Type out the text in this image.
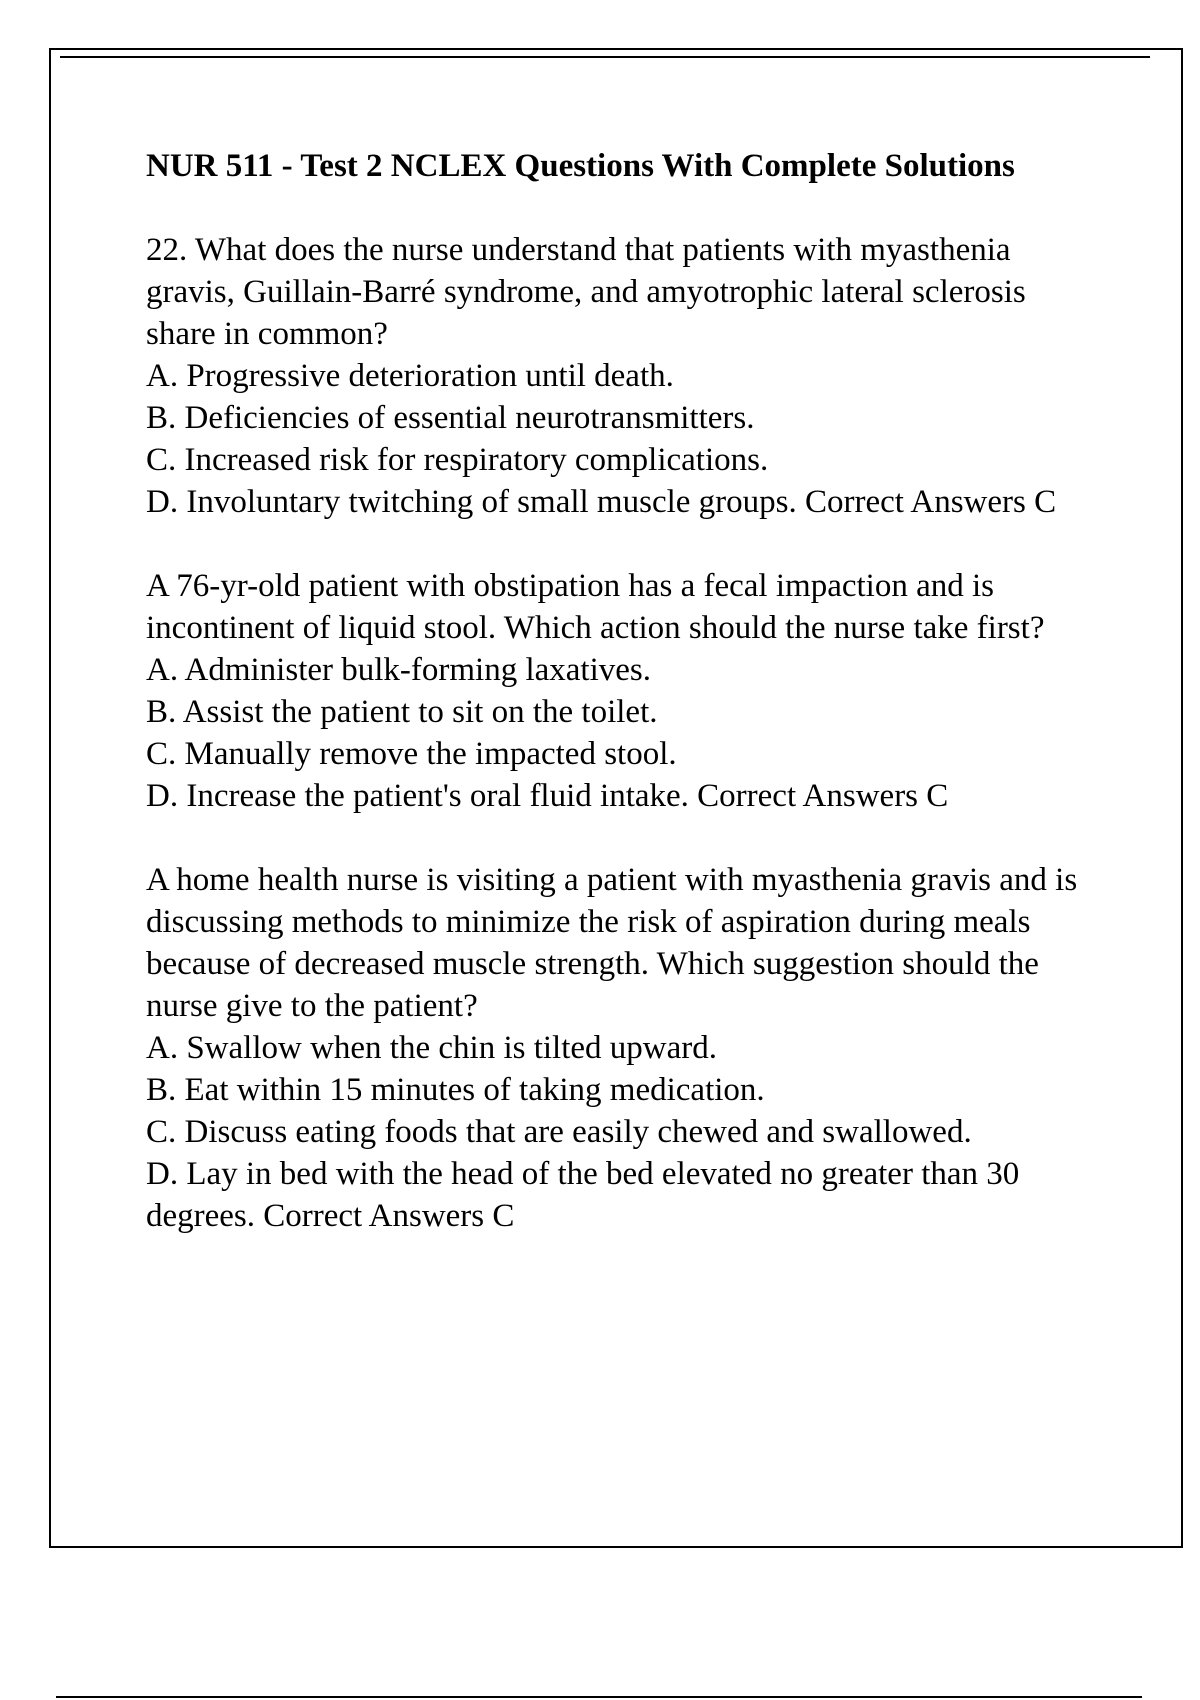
NUR 511 - Test 2 NCLEX Questions With Complete Solutions
22. What does the nurse understand that patients with myasthenia gravis, Guillain-Barré syndrome, and amyotrophic lateral sclerosis share in common?
A. Progressive deterioration until death.
B. Deficiencies of essential neurotransmitters.
C. Increased risk for respiratory complications.
D. Involuntary twitching of small muscle groups. Correct Answers C
A 76-yr-old patient with obstipation has a fecal impaction and is incontinent of liquid stool. Which action should the nurse take first?
A. Administer bulk-forming laxatives.
B. Assist the patient to sit on the toilet.
C. Manually remove the impacted stool.
D. Increase the patient's oral fluid intake. Correct Answers C
A home health nurse is visiting a patient with myasthenia gravis and is discussing methods to minimize the risk of aspiration during meals because of decreased muscle strength. Which suggestion should the nurse give to the patient?
A. Swallow when the chin is tilted upward.
B. Eat within 15 minutes of taking medication.
C. Discuss eating foods that are easily chewed and swallowed.
D. Lay in bed with the head of the bed elevated no greater than 30 degrees. Correct Answers C
